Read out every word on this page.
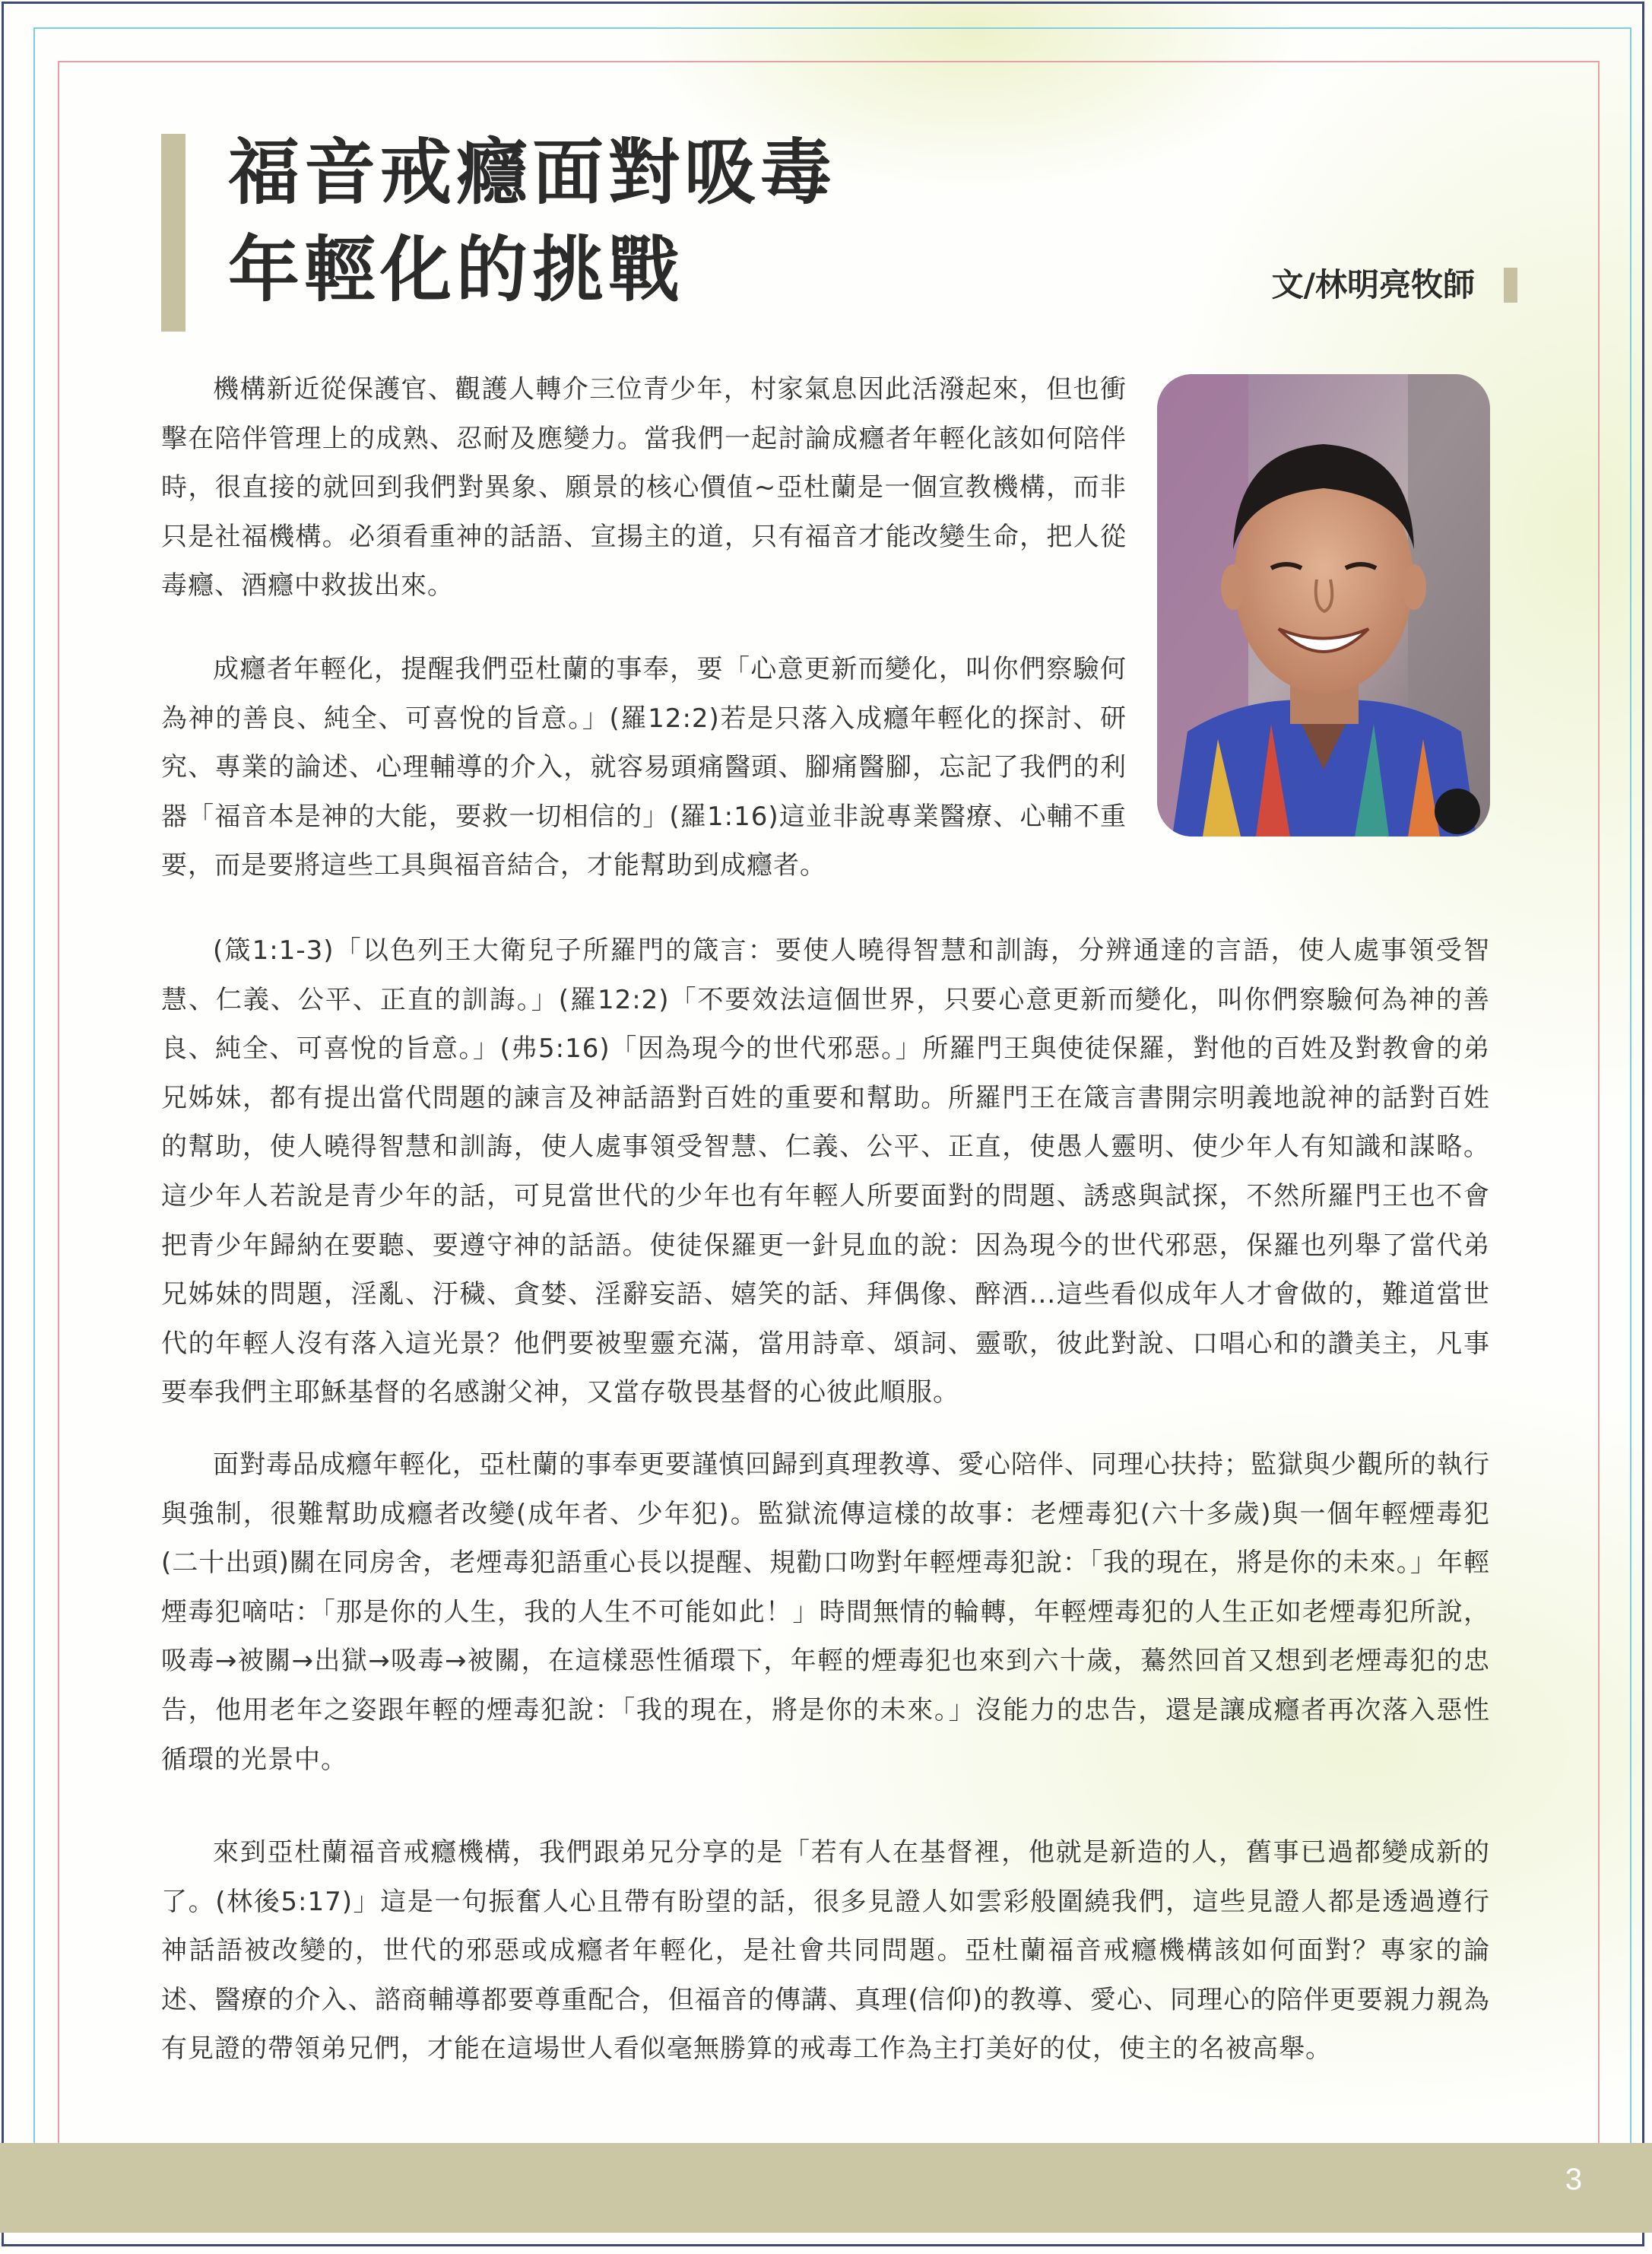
福音戒癮面對吸毒
年輕化的挑戰	文/林明亮牧師

機構新近從保護官、觀護人轉介三位青少年，村家氣息因此活潑起來，但也衝擊在陪伴管理上的成熟、忍耐及應變力。當我們一起討論成癮者年輕化該如何陪伴時，很直接的就回到我們對異象、願景的核心價值~亞杜蘭是一個宣教機構，而非只是社福機構。必須看重神的話語、宣揚主的道，只有福音才能改變生命，把人從毒癮、酒癮中救拔出來。

成癮者年輕化，提醒我們亞杜蘭的事奉，要「心意更新而變化，叫你們察驗何為神的善良、純全、可喜悅的旨意。」(羅12:2)若是只落入成癮年輕化的探討、研究、專業的論述、心理輔導的介入，就容易頭痛醫頭、腳痛醫腳，忘記了我們的利器「福音本是神的大能，要救一切相信的」(羅1:16)這並非說專業醫療、心輔不重要，而是要將這些工具與福音結合，才能幫助到成癮者。

(箴1:1-3)「以色列王大衛兒子所羅門的箴言：要使人曉得智慧和訓誨，分辨通達的言語，使人處事領受智慧、仁義、公平、正直的訓誨。」(羅12:2)「不要效法這個世界，只要心意更新而變化，叫你們察驗何為神的善良、純全、可喜悅的旨意。」(弗5:16)「因為現今的世代邪惡。」所羅門王與使徒保羅，對他的百姓及對教會的弟兄姊妹，都有提出當代問題的諫言及神話語對百姓的重要和幫助。所羅門王在箴言書開宗明義地說神的話對百姓的幫助，使人曉得智慧和訓誨，使人處事領受智慧、仁義、公平、正直，使愚人靈明、使少年人有知識和謀略。這少年人若說是青少年的話，可見當世代的少年也有年輕人所要面對的問題、誘惑與試探，不然所羅門王也不會把青少年歸納在要聽、要遵守神的話語。使徒保羅更一針見血的說：因為現今的世代邪惡，保羅也列舉了當代弟兄姊妹的問題，淫亂、汙穢、貪婪、淫辭妄語、嬉笑的話、拜偶像、醉酒...這些看似成年人才會做的，難道當世代的年輕人沒有落入這光景？他們要被聖靈充滿，當用詩章、頌詞、靈歌，彼此對說、口唱心和的讚美主，凡事要奉我們主耶穌基督的名感謝父神，又當存敬畏基督的心彼此順服。

面對毒品成癮年輕化，亞杜蘭的事奉更要謹慎回歸到真理教導、愛心陪伴、同理心扶持；監獄與少觀所的執行與強制，很難幫助成癮者改變(成年者、少年犯)。監獄流傳這樣的故事：老煙毒犯(六十多歲)與一個年輕煙毒犯(二十出頭)關在同房舍，老煙毒犯語重心長以提醒、規勸口吻對年輕煙毒犯說：「我的現在，將是你的未來。」年輕煙毒犯嘀咕：「那是你的人生，我的人生不可能如此！」時間無情的輪轉，年輕煙毒犯的人生正如老煙毒犯所說，吸毒→被關→出獄→吸毒→被關，在這樣惡性循環下，年輕的煙毒犯也來到六十歲，驀然回首又想到老煙毒犯的忠告，他用老年之姿跟年輕的煙毒犯說：「我的現在，將是你的未來。」沒能力的忠告，還是讓成癮者再次落入惡性循環的光景中。

來到亞杜蘭福音戒癮機構，我們跟弟兄分享的是「若有人在基督裡，他就是新造的人，舊事已過都變成新的了。(林後5:17)」這是一句振奮人心且帶有盼望的話，很多見證人如雲彩般圍繞我們，這些見證人都是透過遵行神話語被改變的，世代的邪惡或成癮者年輕化，是社會共同問題。亞杜蘭福音戒癮機構該如何面對？專家的論述、醫療的介入、諮商輔導都要尊重配合，但福音的傳講、真理(信仰)的教導、愛心、同理心的陪伴更要親力親為有見證的帶領弟兄們，才能在這場世人看似毫無勝算的戒毒工作為主打美好的仗，使主的名被高舉。

3
